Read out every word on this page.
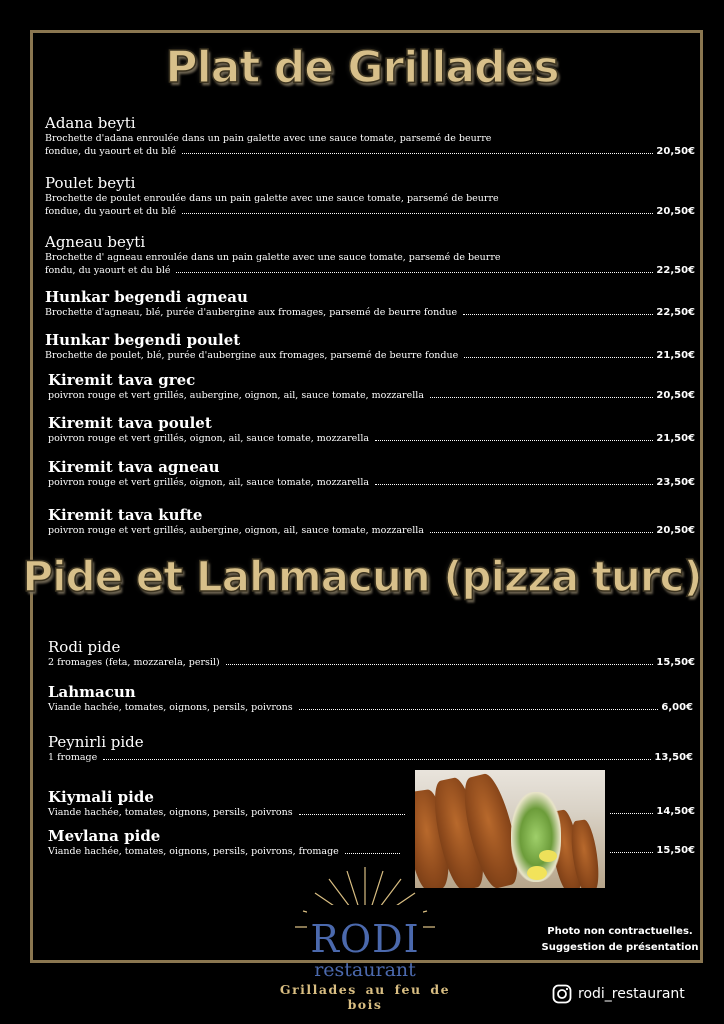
Plat de Grillades
Adana beyti
Brochette d'adana enroulée dans un pain galette avec une sauce tomate, parsemé de beurre
fondue, du yaourt et du blé	20,50€
Poulet beyti
Brochette de poulet enroulée dans un pain galette avec une sauce tomate, parsemé de beurre
fondue, du yaourt et du blé	20,50€
Agneau beyti
Brochette d' agneau enroulée dans un pain galette avec une sauce tomate, parsemé de beurre
fondu, du yaourt et du blé	22,50€
Hunkar begendi agneau
Brochette d'agneau, blé, purée d'aubergine aux fromages, parsemé de beurre fondue	22,50€
Hunkar begendi poulet
Brochette de poulet, blé, purée d'aubergine aux fromages, parsemé de beurre fondue	21,50€
Kiremit tava grec
poivron rouge et vert grillés, aubergine, oignon, ail, sauce tomate, mozzarella	20,50€
Kiremit tava poulet
poivron rouge et vert grillés, oignon, ail, sauce tomate, mozzarella	21,50€
Kiremit tava agneau
poivron rouge et vert grillés, oignon, ail, sauce tomate, mozzarella	23,50€
Kiremit tava kufte
poivron rouge et vert grillés, aubergine, oignon, ail, sauce tomate, mozzarella	20,50€
Pide et Lahmacun (pizza turc)
Rodi pide
2 fromages (feta, mozzarela, persil)	15,50€
Lahmacun
Viande hachée, tomates, oignons, persils, poivrons	6,00€
Peynirli pide
1 fromage	13,50€
Kiymali pide
Viande hachée, tomates, oignons, persils, poivrons	14,50€
Mevlana pide
Viande hachée, tomates, oignons, persils, poivrons, fromage	15,50€
RODI
restaurant
Grillades au feu de bois
Photo non contractuelles.
Suggestion de présentation
rodi_restaurant
